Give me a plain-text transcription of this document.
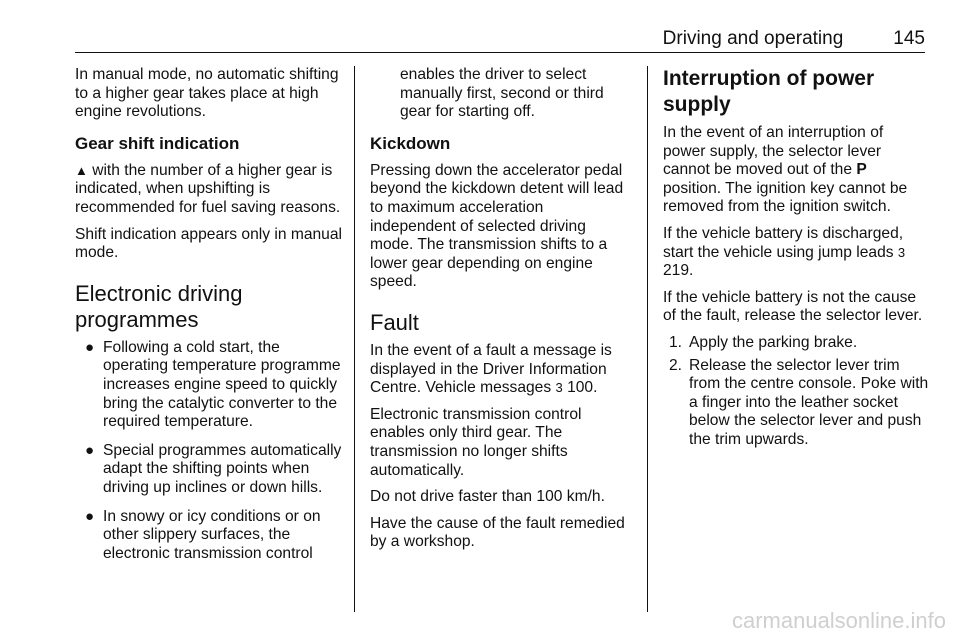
Driving and operating	145

In manual mode, no automatic shifting to a higher gear takes place at high engine revolutions.

Gear shift indication

▲ with the number of a higher gear is indicated, when upshifting is recommended for fuel saving reasons.

Shift indication appears only in manual mode.

Electronic driving programmes
● Following a cold start, the operating temperature programme increases engine speed to quickly bring the catalytic converter to the required temperature.
● Special programmes automatically adapt the shifting points when driving up inclines or down hills.
● In snowy or icy conditions or on other slippery surfaces, the electronic transmission control

enables the driver to select manually first, second or third gear for starting off.

Kickdown

Pressing down the accelerator pedal beyond the kickdown detent will lead to maximum acceleration independent of selected driving mode. The transmission shifts to a lower gear depending on engine speed.

Fault

In the event of a fault a message is displayed in the Driver Information Centre. Vehicle messages 3 100.

Electronic transmission control enables only third gear. The transmission no longer shifts automatically.

Do not drive faster than 100 km/h.

Have the cause of the fault remedied by a workshop.

Interruption of power supply

In the event of an interruption of power supply, the selector lever cannot be moved out of the P position. The ignition key cannot be removed from the ignition switch.

If the vehicle battery is discharged, start the vehicle using jump leads 3 219.

If the vehicle battery is not the cause of the fault, release the selector lever.

1. Apply the parking brake.
2. Release the selector lever trim from the centre console. Poke with a finger into the leather socket below the selector lever and push the trim upwards.
carmanualsonline.info
